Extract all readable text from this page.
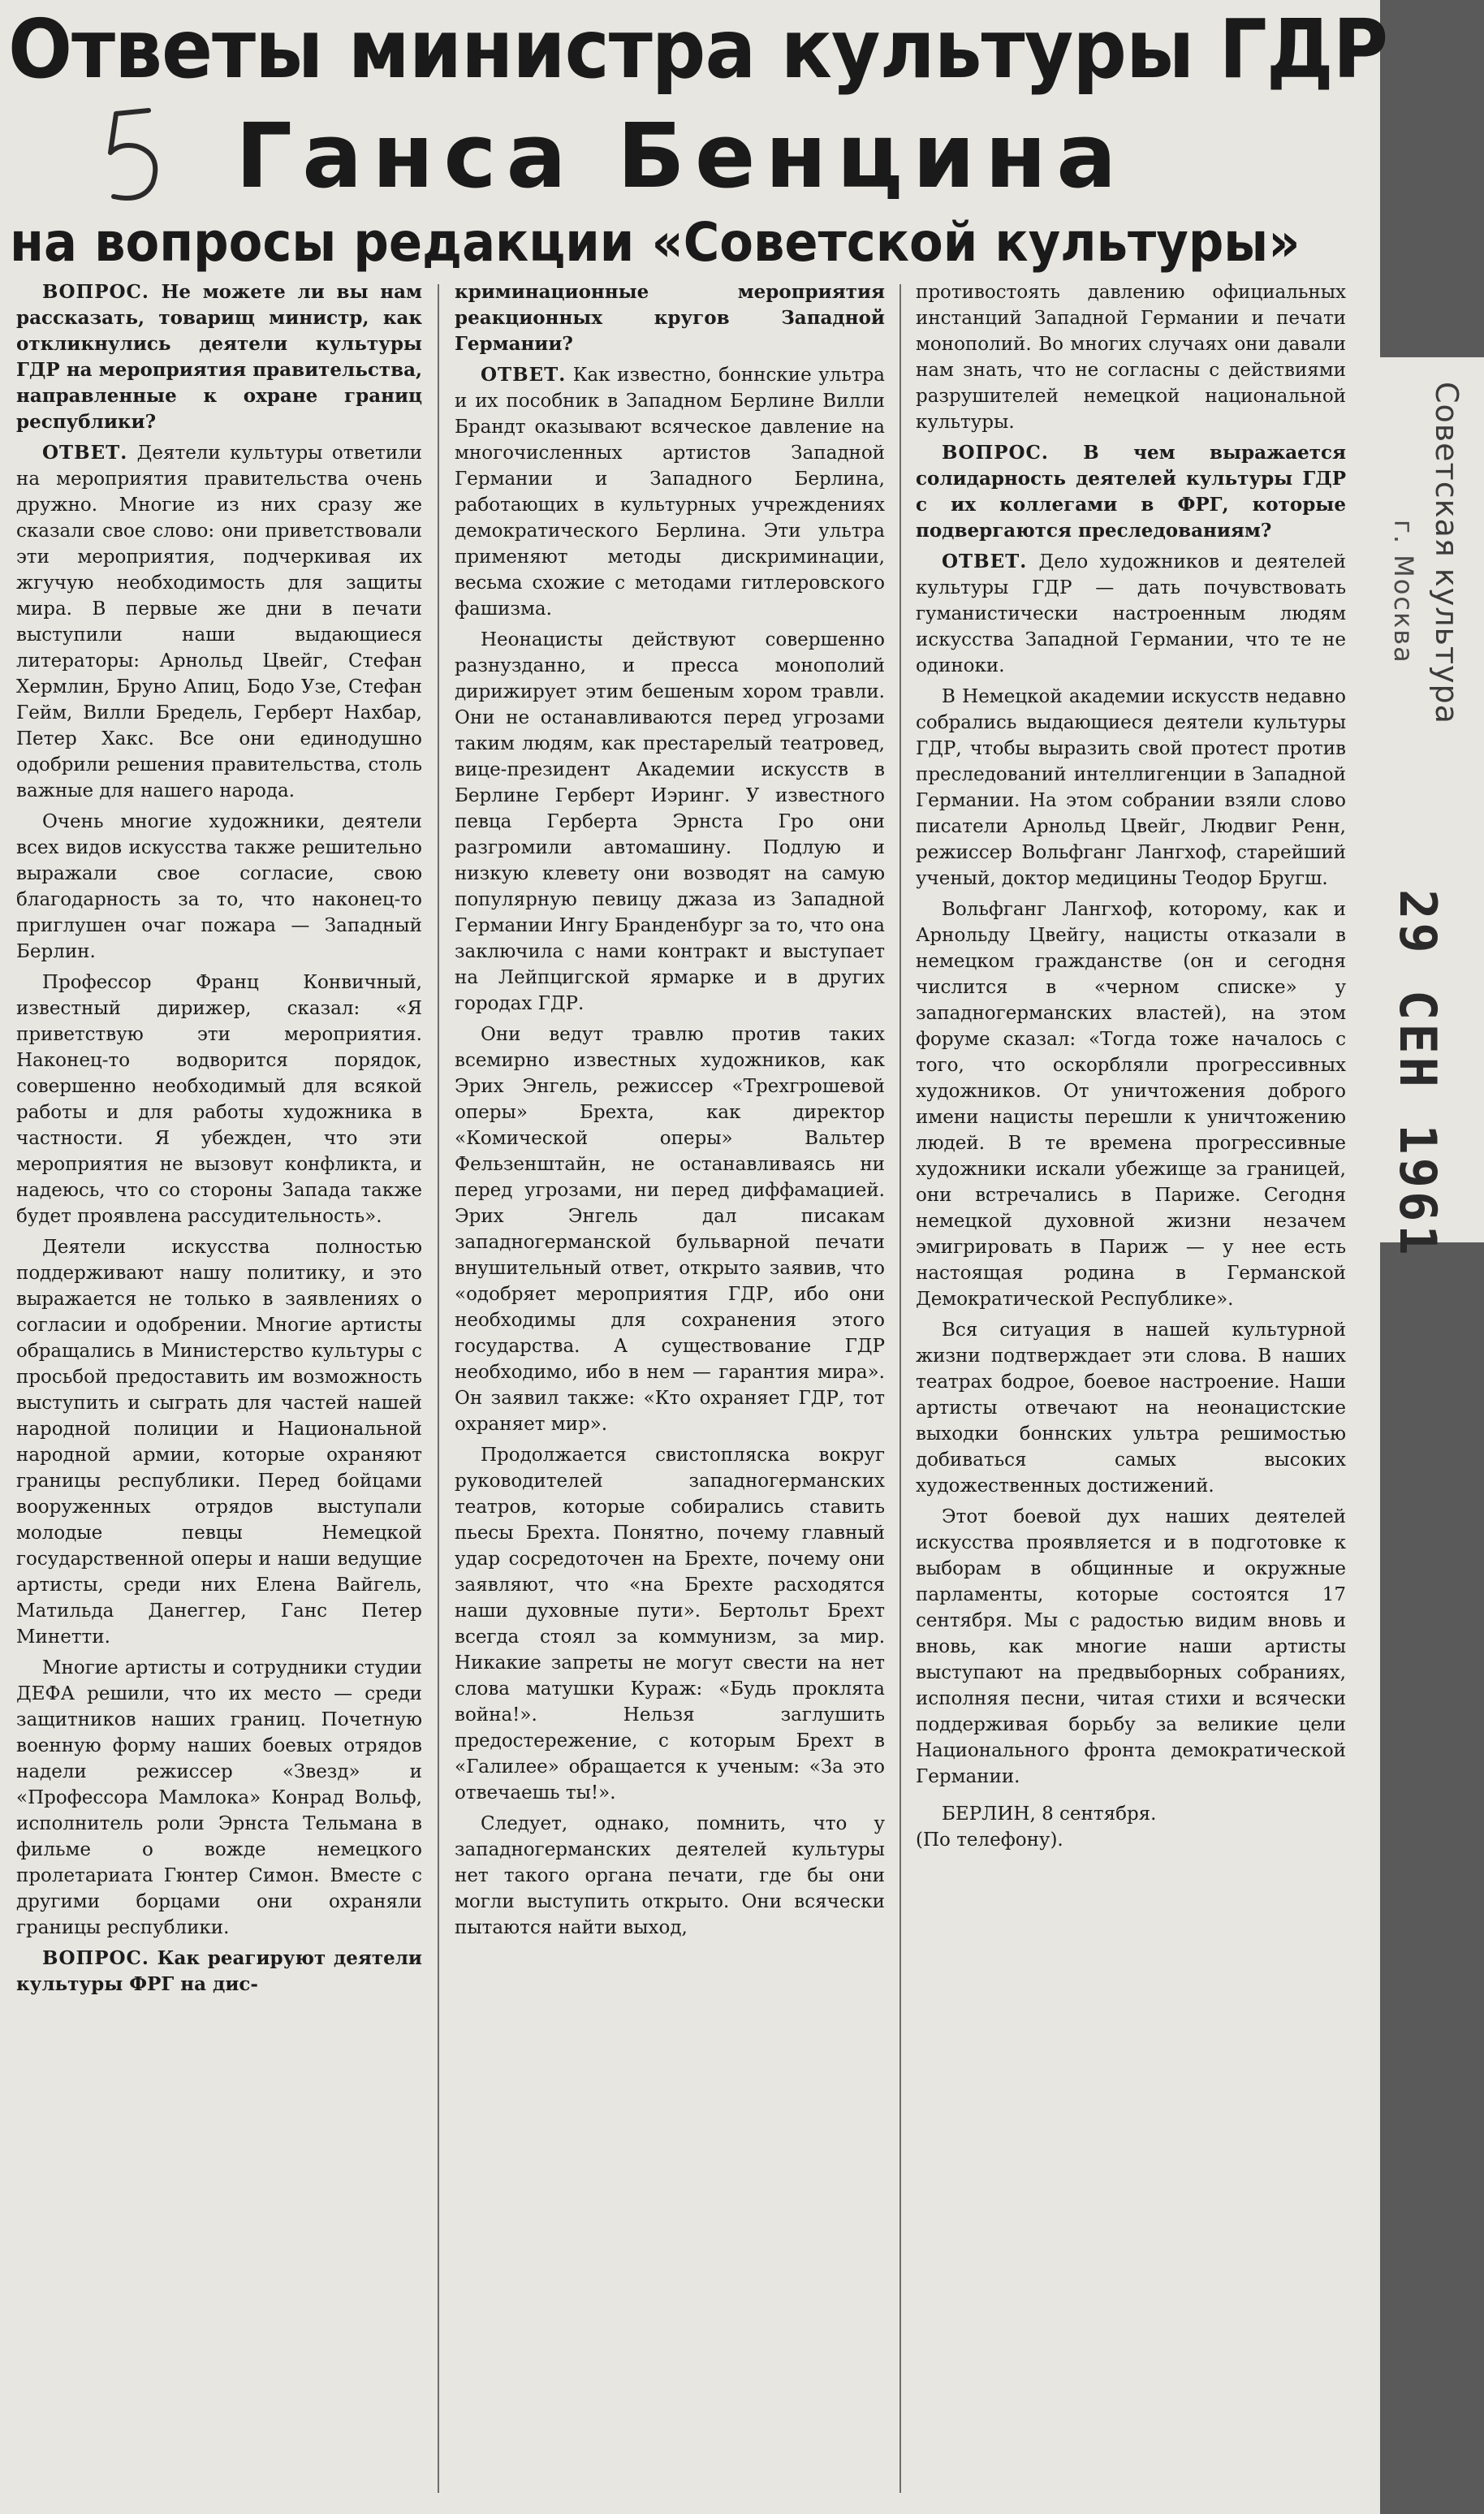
Ответы министра культуры ГДР
Ганса Бенцина
на вопросы редакции «Советской культуры»

ВОПРОС. Не можете ли вы нам рассказать, товарищ министр, как откликнулись деятели культуры ГДР на мероприятия правительства, направленные к охране границ республики?

ОТВЕТ. Деятели культуры ответили на мероприятия правительства очень дружно. Многие из них сразу же сказали свое слово: они приветствовали эти мероприятия, подчеркивая их жгучую необходимость для защиты мира. В первые же дни в печати выступили наши выдающиеся литераторы: Арнольд Цвейг, Стефан Хермлин, Бруно Апиц, Бодо Узе, Стефан Гейм, Вилли Бредель, Герберт Нахбар, Петер Хакс. Все они единодушно одобрили решения правительства, столь важные для нашего народа.

Очень многие художники, деятели всех видов искусства также решительно выражали свое согласие, свою благодарность за то, что наконец-то приглушен очаг пожара — Западный Берлин.

Профессор Франц Конвичный, известный дирижер, сказал: «Я приветствую эти мероприятия. Наконец-то водворится порядок, совершенно необходимый для всякой работы и для работы художника в частности. Я убежден, что эти мероприятия не вызовут конфликта, и надеюсь, что со стороны Запада также будет проявлена рассудительность».

Деятели искусства полностью поддерживают нашу политику, и это выражается не только в заявлениях о согласии и одобрении. Многие артисты обращались в Министерство культуры с просьбой предоставить им возможность выступить и сыграть для частей нашей народной полиции и Национальной народной армии, которые охраняют границы республики. Перед бойцами вооруженных отрядов выступали молодые певцы Немецкой государственной оперы и наши ведущие артисты, среди них Елена Вайгель, Матильда Данеггер, Ганс Петер Минетти.

Многие артисты и сотрудники студии ДЕФА решили, что их место — среди защитников наших границ. Почетную военную форму наших боевых отрядов надели режиссер «Звезд» и «Профессора Мамлока» Конрад Вольф, исполнитель роли Эрнста Тельмана в фильме о вожде немецкого пролетариата Гюнтер Симон. Вместе с другими борцами они охраняли границы республики.

ВОПРОС. Как реагируют деятели культуры ФРГ на дис-

криминационные мероприятия реакционных кругов Западной Германии?

ОТВЕТ. Как известно, боннские ультра и их пособник в Западном Берлине Вилли Брандт оказывают всяческое давление на многочисленных артистов Западной Германии и Западного Берлина, работающих в культурных учреждениях демократического Берлина. Эти ультра применяют методы дискриминации, весьма схожие с методами гитлеровского фашизма.

Неонацисты действуют совершенно разнузданно, и пресса монополий дирижирует этим бешеным хором травли. Они не останавливаются перед угрозами таким людям, как престарелый театровед, вице-президент Академии искусств в Берлине Герберт Иэринг. У известного певца Герберта Эрнста Гро они разгромили автомашину. Подлую и низкую клевету они возводят на самую популярную певицу джаза из Западной Германии Ингу Бранденбург за то, что она заключила с нами контракт и выступает на Лейпцигской ярмарке и в других городах ГДР.

Они ведут травлю против таких всемирно известных художников, как Эрих Энгель, режиссер «Трехгрошевой оперы» Брехта, как директор «Комической оперы» Вальтер Фельзенштайн, не останавливаясь ни перед угрозами, ни перед диффамацией. Эрих Энгель дал писакам западногерманской бульварной печати внушительный ответ, открыто заявив, что «одобряет мероприятия ГДР, ибо они необходимы для сохранения этого государства. А существование ГДР необходимо, ибо в нем — гарантия мира». Он заявил также: «Кто охраняет ГДР, тот охраняет мир».

Продолжается свистопляска вокруг руководителей западногерманских театров, которые собирались ставить пьесы Брехта. Понятно, почему главный удар сосредоточен на Брехте, почему они заявляют, что «на Брехте расходятся наши духовные пути». Бертольт Брехт всегда стоял за коммунизм, за мир. Никакие запреты не могут свести на нет слова матушки Кураж: «Будь проклята война!». Нельзя заглушить предостережение, с которым Брехт в «Галилее» обращается к ученым: «За это отвечаешь ты!».

Следует, однако, помнить, что у западногерманских деятелей культуры нет такого органа печати, где бы они могли выступить открыто. Они всячески пытаются найти выход,

противостоять давлению официальных инстанций Западной Германии и печати монополий. Во многих случаях они давали нам знать, что не согласны с действиями разрушителей немецкой национальной культуры.

ВОПРОС. В чем выражается солидарность деятелей культуры ГДР с их коллегами в ФРГ, которые подвергаются преследованиям?

ОТВЕТ. Дело художников и деятелей культуры ГДР — дать почувствовать гуманистически настроенным людям искусства Западной Германии, что те не одиноки.

В Немецкой академии искусств недавно собрались выдающиеся деятели культуры ГДР, чтобы выразить свой протест против преследований интеллигенции в Западной Германии. На этом собрании взяли слово писатели Арнольд Цвейг, Людвиг Ренн, режиссер Вольфганг Лангхоф, старейший ученый, доктор медицины Теодор Бругш.

Вольфганг Лангхоф, которому, как и Арнольду Цвейгу, нацисты отказали в немецком гражданстве (он и сегодня числится в «черном списке» у западногерманских властей), на этом форуме сказал: «Тогда тоже началось с того, что оскорбляли прогрессивных художников. От уничтожения доброго имени нацисты перешли к уничтожению людей. В те времена прогрессивные художники искали убежище за границей, они встречались в Париже. Сегодня немецкой духовной жизни незачем эмигрировать в Париж — у нее есть настоящая родина в Германской Демократической Республике».

Вся ситуация в нашей культурной жизни подтверждает эти слова. В наших театрах бодрое, боевое настроение. Наши артисты отвечают на неонацистские выходки боннских ультра решимостью добиваться самых высоких художественных достижений.

Этот боевой дух наших деятелей искусства проявляется и в подготовке к выборам в общинные и окружные парламенты, которые состоятся 17 сентября. Мы с радостью видим вновь и вновь, как многие наши артисты выступают на предвыборных собраниях, исполняя песни, читая стихи и всячески поддерживая борьбу за великие цели Национального фронта демократической Германии.

БЕРЛИН, 8 сентября.
(По телефону).

Советская культура
г. Москва
29 СЕН 1961
